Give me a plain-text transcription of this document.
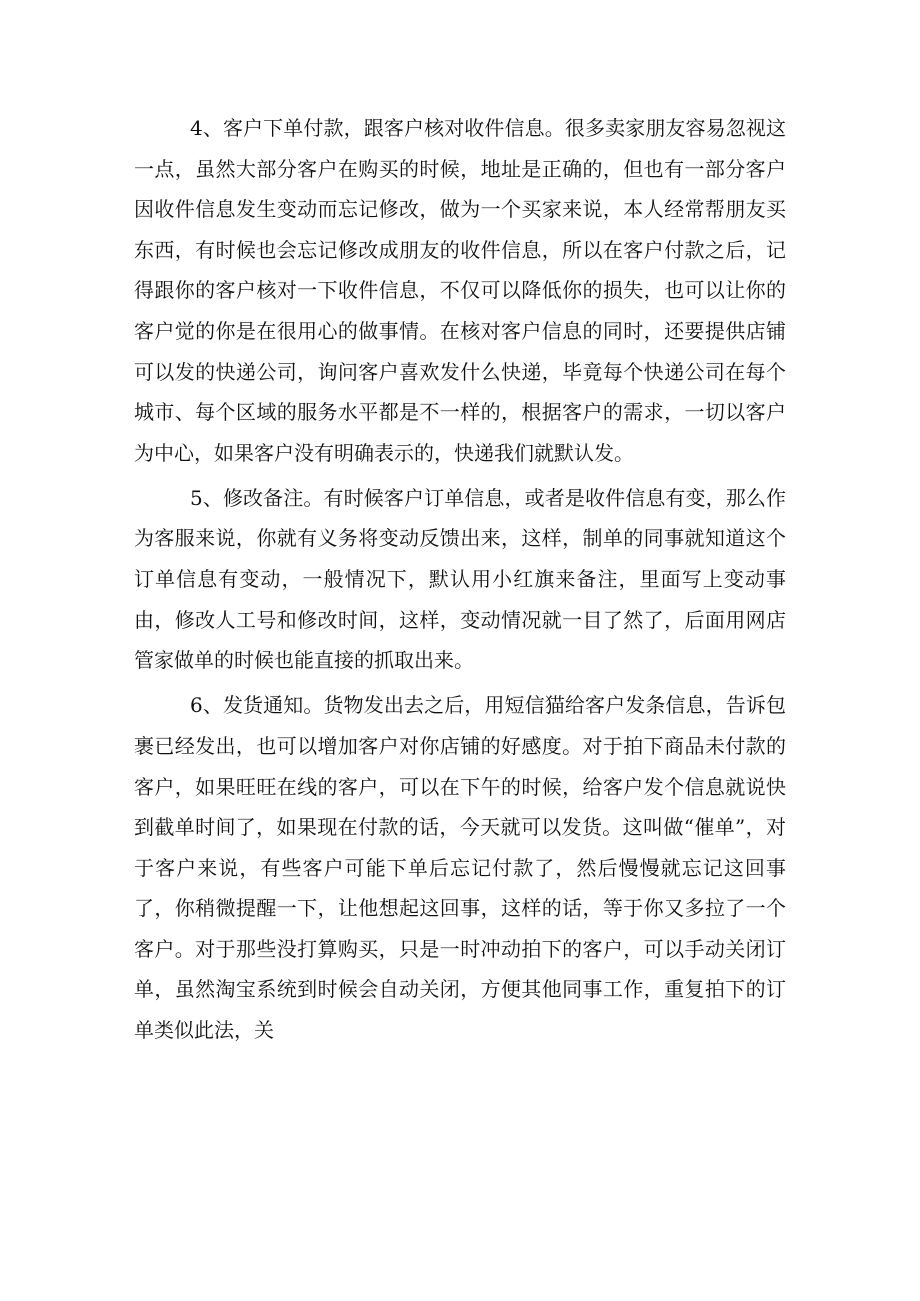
4、客户下单付款，跟客户核对收件信息。很多卖家朋友容易忽视这一点，虽然大部分客户在购买的时候，地址是正确的，但也有一部分客户因收件信息发生变动而忘记修改，做为一个买家来说，本人经常帮朋友买东西，有时候也会忘记修改成朋友的收件信息，所以在客户付款之后，记得跟你的客户核对一下收件信息，不仅可以降低你的损失，也可以让你的客户觉的你是在很用心的做事情。在核对客户信息的同时，还要提供店铺可以发的快递公司，询问客户喜欢发什么快递，毕竟每个快递公司在每个城市、每个区域的服务水平都是不一样的，根据客户的需求，一切以客户为中心，如果客户没有明确表示的，快递我们就默认发。

5、修改备注。有时候客户订单信息，或者是收件信息有变，那么作为客服来说，你就有义务将变动反馈出来，这样，制单的同事就知道这个订单信息有变动，一般情况下，默认用小红旗来备注，里面写上变动事由，修改人工号和修改时间，这样，变动情况就一目了然了，后面用网店管家做单的时候也能直接的抓取出来。

6、发货通知。货物发出去之后，用短信猫给客户发条信息，告诉包裹已经发出，也可以增加客户对你店铺的好感度。对于拍下商品未付款的客户，如果旺旺在线的客户，可以在下午的时候，给客户发个信息就说快到截单时间了，如果现在付款的话，今天就可以发货。这叫做“催单”，对于客户来说，有些客户可能下单后忘记付款了，然后慢慢就忘记这回事了，你稍微提醒一下，让他想起这回事，这样的话，等于你又多拉了一个客户。对于那些没打算购买，只是一时冲动拍下的客户，可以手动关闭订单，虽然淘宝系统到时候会自动关闭，方便其他同事工作，重复拍下的订单类似此法，关
